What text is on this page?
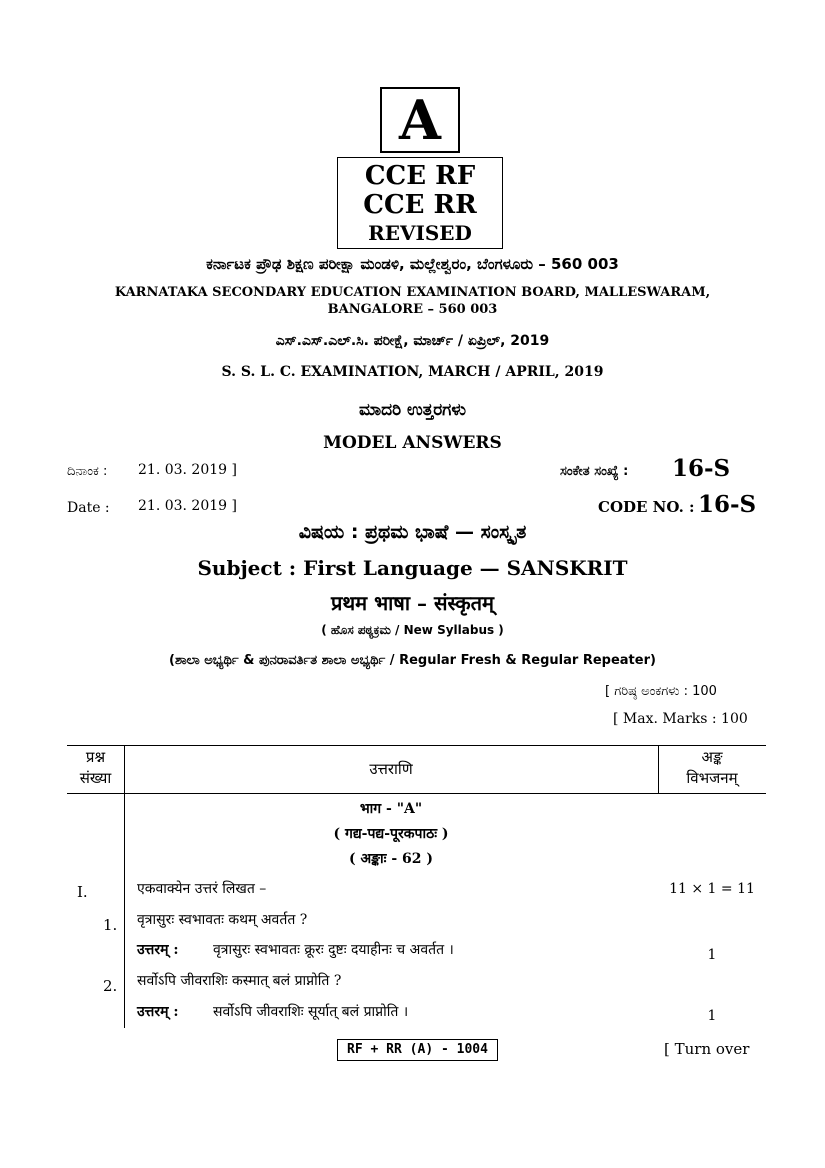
A
CCE RF
CCE RR
REVISED
ಕರ್ನಾಟಕ ಪ್ರೌಢ ಶಿಕ್ಷಣ ಪರೀಕ್ಷಾ ಮಂಡಳಿ, ಮಲ್ಲೇಶ್ವರಂ, ಬೆಂಗಳೂರು – 560 003
KARNATAKA SECONDARY EDUCATION EXAMINATION BOARD, MALLESWARAM,
BANGALORE – 560 003
ಎಸ್.ಎಸ್.ಎಲ್.ಸಿ. ಪರೀಕ್ಷೆ, ಮಾರ್ಚ್ / ಏಪ್ರಿಲ್, 2019
S. S. L. C. EXAMINATION, MARCH / APRIL, 2019
ಮಾದರಿ ಉತ್ತರಗಳು
MODEL ANSWERS
ದಿನಾಂಕ : 21. 03. 2019 ]	ಸಂಕೇತ ಸಂಖ್ಯೆ : 16-S
Date : 21. 03. 2019 ]	CODE NO. : 16-S
ವಿಷಯ : ಪ್ರಥಮ ಭಾಷೆ — ಸಂಸ್ಕೃತ
Subject : First Language — SANSKRIT
प्रथम भाषा – संस्कृतम्
( ಹೊಸ ಪಠ್ಯಕ್ರಮ / New Syllabus )
(ಶಾಲಾ ಅಭ್ಯರ್ಥಿ & ಪುನರಾವರ್ತಿತ ಶಾಲಾ ಅಭ್ಯರ್ಥಿ / Regular Fresh & Regular Repeater)
[ ಗರಿಷ್ಠ ಅಂಕಗಳು : 100
[ Max. Marks : 100
प्रश्न
संख्या	उत्तराणि
अङ्क
विभजनम्
भाग - "A"
( गद्य-पद्य-पूरकपाठः )
( अङ्काः - 62 )
I.	एकवाक्येन उत्तरं लिखत –	11 × 1 = 11
1. वृत्रासुरः स्वभावतः कथम् अवर्तत ?
उत्तरम् : वृत्रासुरः स्वभावतः क्रूरः दुष्टः दयाहीनः च अवर्तत ।	1
2. सर्वोऽपि जीवराशिः कस्मात् बलं प्राप्नोति ?
उत्तरम् : सर्वोऽपि जीवराशिः सूर्यात् बलं प्राप्नोति ।	1
RF + RR (A) - 1004	[ Turn over
